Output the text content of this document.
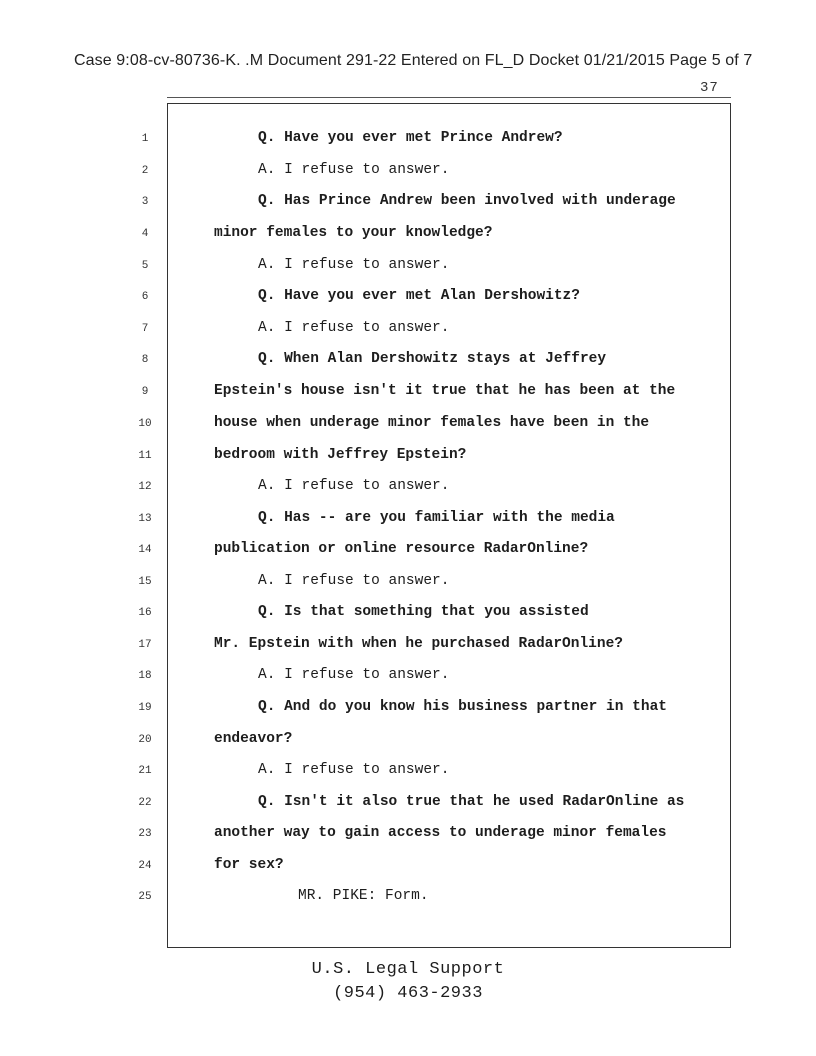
Case 9:08-cv-80736-K. .M Document 291-22 Entered on FL_D Docket 01/21/2015 Page 5 of 7
37
1	Q. Have you ever met Prince Andrew?
2	A. I refuse to answer.
3	Q. Has Prince Andrew been involved with underage
4	minor females to your knowledge?
5	A. I refuse to answer.
6	Q. Have you ever met Alan Dershowitz?
7	A. I refuse to answer.
8	Q. When Alan Dershowitz stays at Jeffrey
9	Epstein's house isn't it true that he has been at the
10	house when underage minor females have been in the
11	bedroom with Jeffrey Epstein?
12	A. I refuse to answer.
13	Q. Has -- are you familiar with the media
14	publication or online resource RadarOnline?
15	A. I refuse to answer.
16	Q. Is that something that you assisted
17	Mr. Epstein with when he purchased RadarOnline?
18	A. I refuse to answer.
19	Q. And do you know his business partner in that
20	endeavor?
21	A. I refuse to answer.
22	Q. Isn't it also true that he used RadarOnline as
23	another way to gain access to underage minor females
24	for sex?
25	MR. PIKE: Form.
U.S. Legal Support
(954) 463-2933
